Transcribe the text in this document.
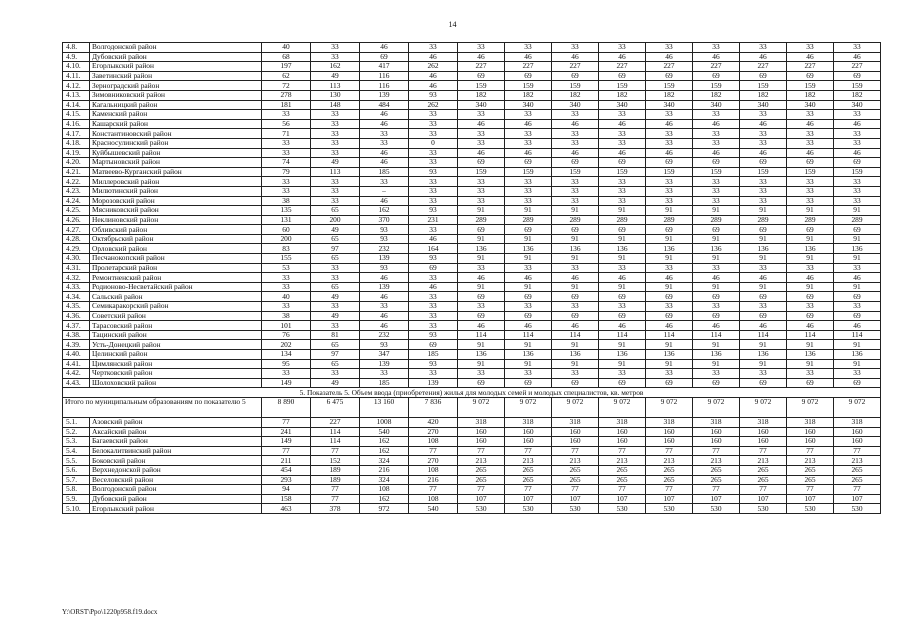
14
4.8.	Волгодонской район	40	33	46	33	33	33	33	33	33	33	33	33	33
4.9.	Дубовский район	68	33	69	46	46	46	46	46	46	46	46	46	46
4.10.	Егорлыкский район	197	162	417	262	227	227	227	227	227	227	227	227	227
4.11.	Заветинский район	62	49	116	46	69	69	69	69	69	69	69	69	69
4.12.	Зерноградский район	72	113	116	46	159	159	159	159	159	159	159	159	159
4.13.	Зимовниковский район	278	130	139	93	182	182	182	182	182	182	182	182	182
4.14.	Кагальницкий район	181	148	484	262	340	340	340	340	340	340	340	340	340
4.15.	Каменский район	33	33	46	33	33	33	33	33	33	33	33	33	33
4.16.	Кашарский район	56	33	46	33	46	46	46	46	46	46	46	46	46
4.17.	Константиновский район	71	33	33	33	33	33	33	33	33	33	33	33	33
4.18.	Красносулинский район	33	33	33	0	33	33	33	33	33	33	33	33	33
4.19.	Куйбышевский район	33	33	46	33	46	46	46	46	46	46	46	46	46
4.20.	Мартыновский район	74	49	46	33	69	69	69	69	69	69	69	69	69
4.21.	Матвеево-Курганский район	79	113	185	93	159	159	159	159	159	159	159	159	159
4.22.	Миллеровский район	33	33	33	33	33	33	33	33	33	33	33	33	33
4.23.	Милютинский район	33	33	–	33	33	33	33	33	33	33	33	33	33
4.24.	Морозовский район	38	33	46	33	33	33	33	33	33	33	33	33	33
4.25.	Мясниковский район	135	65	162	93	91	91	91	91	91	91	91	91	91
4.26.	Неклиновский район	131	200	370	231	289	289	289	289	289	289	289	289	289
4.27.	Обливский район	60	49	93	33	69	69	69	69	69	69	69	69	69
4.28.	Октябрьский район	200	65	93	46	91	91	91	91	91	91	91	91	91
4.29.	Орловский район	83	97	232	164	136	136	136	136	136	136	136	136	136
4.30.	Песчанокопский район	155	65	139	93	91	91	91	91	91	91	91	91	91
4.31.	Пролетарский район	53	33	93	69	33	33	33	33	33	33	33	33	33
4.32.	Ремонтненский район	33	33	46	33	46	46	46	46	46	46	46	46	46
4.33.	Родионово-Несветайский район	33	65	139	46	91	91	91	91	91	91	91	91	91
4.34.	Сальский район	40	49	46	33	69	69	69	69	69	69	69	69	69
4.35.	Семикаракорский район	33	33	33	33	33	33	33	33	33	33	33	33	33
4.36.	Советский район	38	49	46	33	69	69	69	69	69	69	69	69	69
4.37.	Тарасовский район	101	33	46	33	46	46	46	46	46	46	46	46	46
4.38.	Тацинский район	76	81	232	93	114	114	114	114	114	114	114	114	114
4.39.	Усть-Донецкий район	202	65	93	69	91	91	91	91	91	91	91	91	91
4.40.	Целинский район	134	97	347	185	136	136	136	136	136	136	136	136	136
4.41.	Цимлянский район	95	65	139	93	91	91	91	91	91	91	91	91	91
4.42.	Чертковский район	33	33	33	33	33	33	33	33	33	33	33	33	33
4.43.	Шолоховский район	149	49	185	139	69	69	69	69	69	69	69	69	69
5. Показатель 5. Объем ввода (приобретения) жилья для молодых семей и молодых специалистов, кв. метров														
Итого по муниципальным образованиям по показателю 5		8 890	6 475	13 160	7 836	9 072	9 072	9 072	9 072	9 072	9 072	9 072	9 072	9 072
5.1.	Азовский район	77	227	1008	420	318	318	318	318	318	318	318	318	318
5.2.	Аксайский район	241	114	540	270	160	160	160	160	160	160	160	160	160
5.3.	Багаевский район	149	114	162	108	160	160	160	160	160	160	160	160	160
5.4.	Белокалитвинский район	77	77	162	77	77	77	77	77	77	77	77	77	77
5.5.	Боковский район	211	152	324	270	213	213	213	213	213	213	213	213	213
5.6.	Верхнедонской район	454	189	216	108	265	265	265	265	265	265	265	265	265
5.7.	Веселовский район	293	189	324	216	265	265	265	265	265	265	265	265	265
5.8.	Волгодонской район	94	77	108	77	77	77	77	77	77	77	77	77	77
5.9.	Дубовский район	158	77	162	108	107	107	107	107	107	107	107	107	107
5.10.	Егорлыкский район	463	378	972	540	530	530	530	530	530	530	530	530	530
Y:\ORST\Ppo\1220p958.f19.docx
